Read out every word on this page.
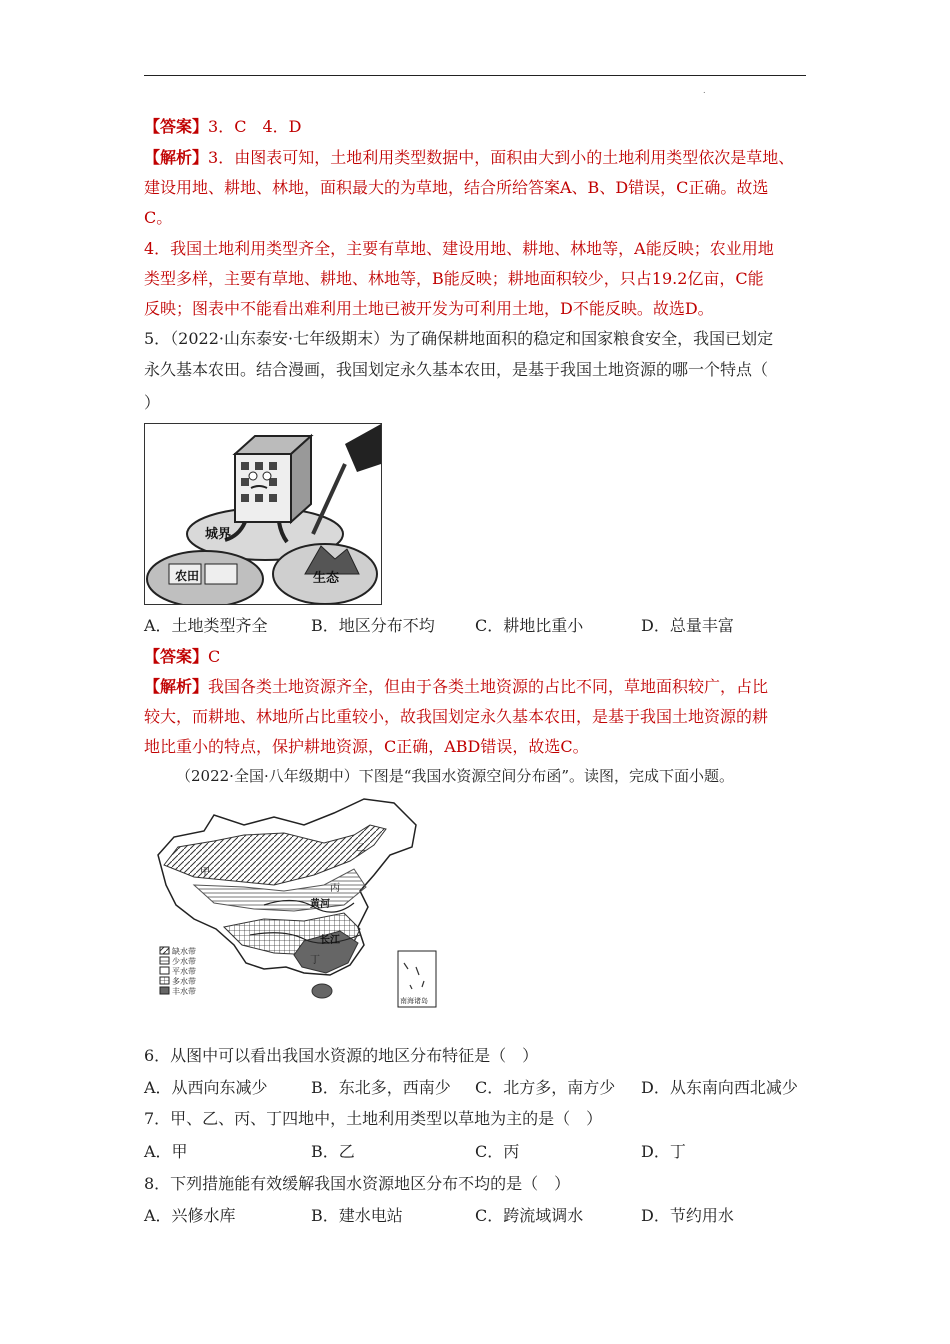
.
【答案】3．C　4．D
【解析】3．由图表可知，土地利用类型数据中，面积由大到小的土地利用类型依次是草地、
建设用地、耕地、林地，面积最大的为草地，结合所给答案A、B、D错误，C正确。故选
C。
4．我国土地利用类型齐全，主要有草地、建设用地、耕地、林地等，A能反映；农业用地
类型多样，主要有草地、耕地、林地等，B能反映；耕地面积较少，只占19.2亿亩，C能
反映；图表中不能看出难利用土地已被开发为可利用土地，D不能反映。故选D。
5．（2022·山东泰安·七年级期末）为了确保耕地面积的稳定和国家粮食安全，我国已划定
永久基本农田。结合漫画，我国划定永久基本农田，是基于我国土地资源的哪一个特点（
）
城界
农田	生态
A．土地类型齐全	B．地区分布不均	C．耕地比重小	D．总量丰富
【答案】C
【解析】我国各类土地资源齐全，但由于各类土地资源的占比不同，草地面积较广，占比
较大，而耕地、林地所占比重较小，故我国划定永久基本农田，是基于我国土地资源的耕
地比重小的特点，保护耕地资源，C正确，ABD错误，故选C。
（2022·全国·八年级期中）下图是“我国水资源空间分布函”。读图，完成下面小题。
甲
乙
丙
丁
黄河
长江
缺水带
少水带
平水带
多水带
丰水带
南海诸岛
6．从图中可以看出我国水资源的地区分布特征是（　）
A．从西向东减少	B．东北多，西南少 C．北方多，南方少 D．从东南向西北减少
7．甲、乙、丙、丁四地中，土地利用类型以草地为主的是（　）
A．甲	B．乙	C．丙	D．丁
8．下列措施能有效缓解我国水资源地区分布不均的是（　）
A．兴修水库	B．建水电站	C．跨流域调水	D．节约用水
